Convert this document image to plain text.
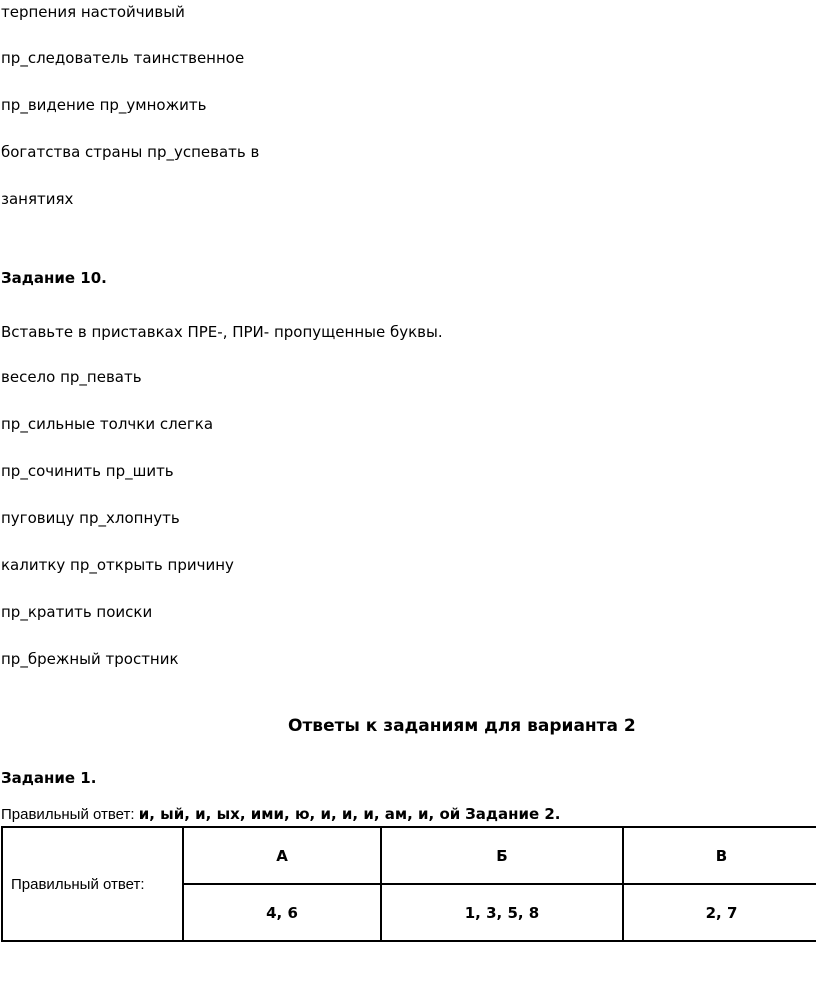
терпения настойчивый
пр_следователь таинственное
пр_видение пр_умножить
богатства страны пр_успевать в
занятиях
Задание 10.
Вставьте в приставках ПРЕ-, ПРИ- пропущенные буквы.
весело пр_певать
пр_сильные толчки слегка
пр_сочинить пр_шить
пуговицу пр_хлопнуть
калитку пр_открыть причину
пр_кратить поиски
пр_брежный тростник
Ответы к заданиям для варианта 2
Задание 1.
Правильный ответ: и, ый, и, ых, ими, ю, и, и, и, ам, и, ой Задание 2.
Правильный ответ:	А	Б	В
	4, 6	1, 3, 5, 8	2, 7
